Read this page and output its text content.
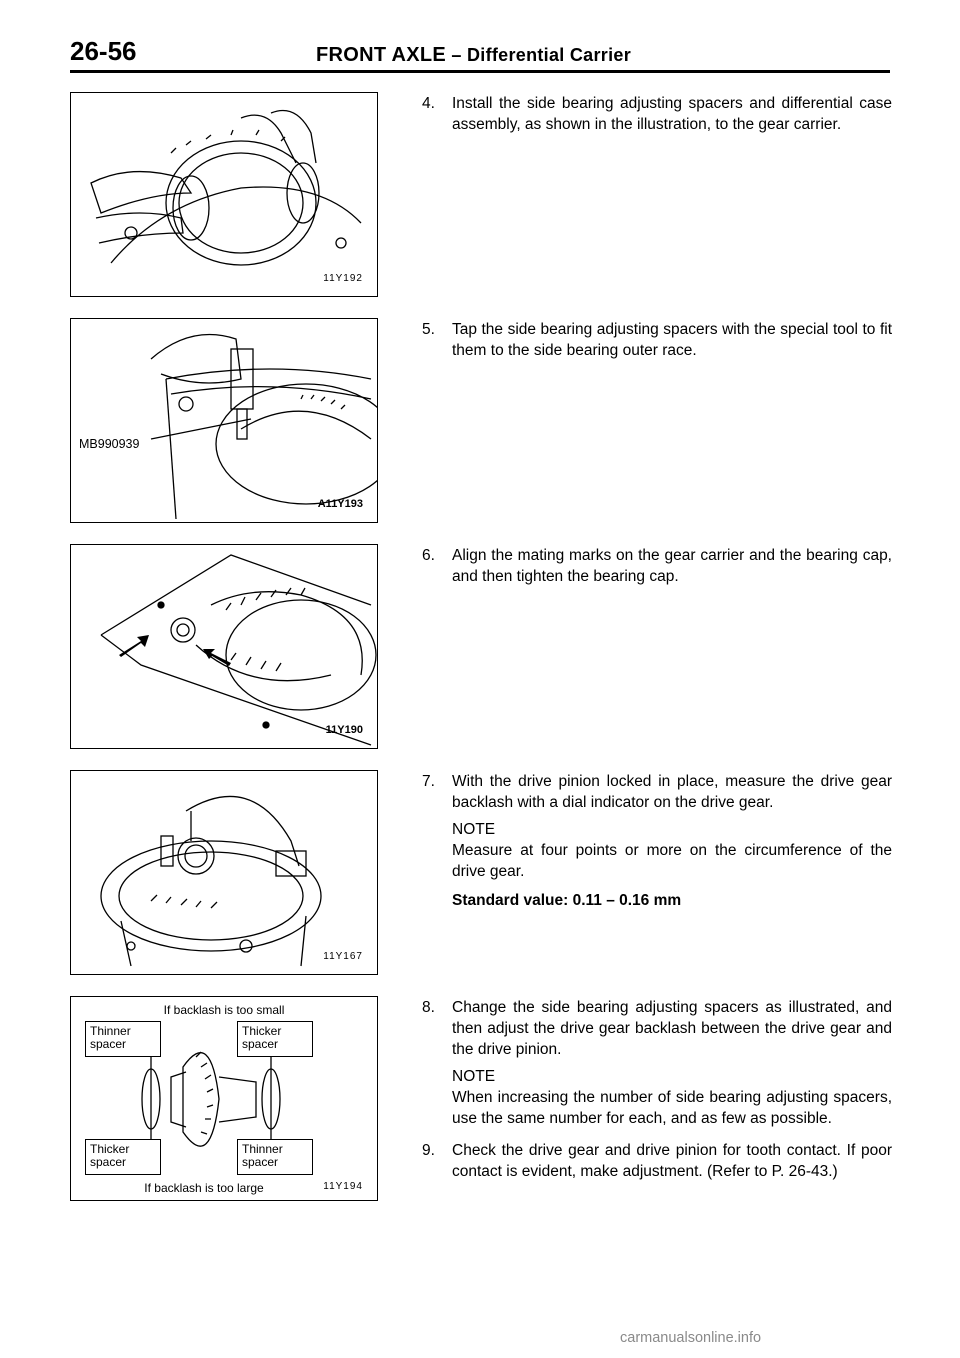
26-56	FRONT AXLE – Differential Carrier
11Y192
MB990939
A11Y193
11Y190
11Y167
If backlash is too small
Thinner spacer
Thicker spacer
Thicker spacer
Thinner spacer
If backlash is too large	11Y194
4. Install the side bearing adjusting spacers and differential case assembly, as shown in the illustration, to the gear carrier.
5. Tap the side bearing adjusting spacers with the special tool to fit them to the side bearing outer race.
6. Align the mating marks on the gear carrier and the bearing cap, and then tighten the bearing cap.
7. With the drive pinion locked in place, measure the drive gear backlash with a dial indicator on the drive gear.
NOTE
Measure at four points or more on the circumference of the drive gear.
Standard value: 0.11 – 0.16 mm
8. Change the side bearing adjusting spacers as illustrated, and then adjust the drive gear backlash between the drive gear and the drive pinion.
NOTE
When increasing the number of side bearing adjusting spacers, use the same number for each, and as few as possible.
9. Check the drive gear and drive pinion for tooth contact. If poor contact is evident, make adjustment. (Refer to P. 26-43.)
carmanualsonline.info
